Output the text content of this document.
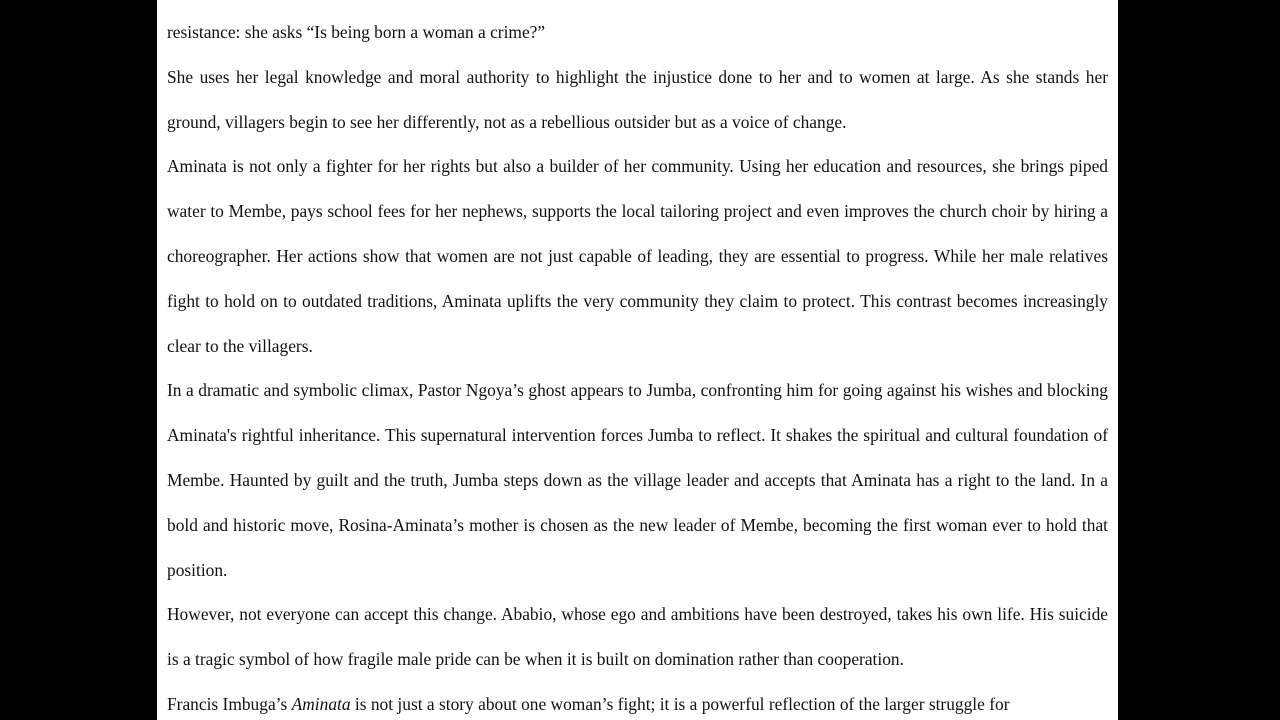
resistance: she asks “Is being born a woman a crime?”

She uses her legal knowledge and moral authority to highlight the injustice done to her and to women at large. As she stands her ground, villagers begin to see her differently, not as a rebellious outsider but as a voice of change.

Aminata is not only a fighter for her rights but also a builder of her community. Using her education and resources, she brings piped water to Membe, pays school fees for her nephews, supports the local tailoring project and even improves the church choir by hiring a choreographer. Her actions show that women are not just capable of leading, they are essential to progress. While her male relatives fight to hold on to outdated traditions, Aminata uplifts the very community they claim to protect. This contrast becomes increasingly clear to the villagers.

In a dramatic and symbolic climax, Pastor Ngoya’s ghost appears to Jumba, confronting him for going against his wishes and blocking Aminata's rightful inheritance. This supernatural intervention forces Jumba to reflect. It shakes the spiritual and cultural foundation of Membe. Haunted by guilt and the truth, Jumba steps down as the village leader and accepts that Aminata has a right to the land. In a bold and historic move, Rosina-Aminata’s mother is chosen as the new leader of Membe, becoming the first woman ever to hold that position.

However, not everyone can accept this change. Ababio, whose ego and ambitions have been destroyed, takes his own life. His suicide is a tragic symbol of how fragile male pride can be when it is built on domination rather than cooperation.

Francis Imbuga’s Aminata is not just a story about one woman’s fight; it is a powerful reflection of the larger struggle for
